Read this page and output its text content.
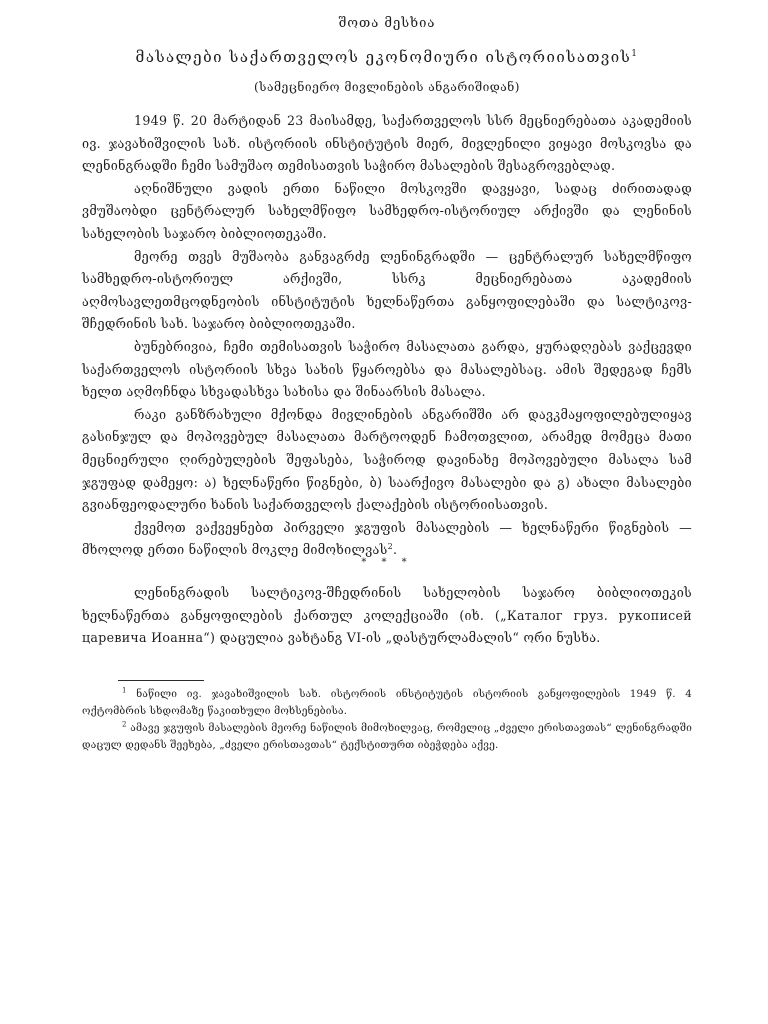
შოთა მესხია
მასალები საქართველოს ეკონომიური ისტორიისათვის$^1$
(სამეცნიერო მივლინების ანგარიშიდან)

1949 წ. 20 მარტიდან 23 მაისამდე, საქართველოს სსრ მეცნიერებათა აკადემიის ივ. ჯავახიშვილის სახ. ისტორიის ინსტიტუტის მიერ, მივლენილი ვიყავი მოსკოვსა და ლენინგრადში ჩემი სამუშაო თემისათვის საჭირო მასალების შესაგროვებლად.

აღნიშნული ვადის ერთი ნაწილი მოსკოვში დავყავი, სადაც ძირითადად ვმუშაობდი ცენტრალურ სახელმწიფო სამხედრო-ისტორიულ არქივში და ლენინის სახელობის საჯარო ბიბლიოთეკაში.

მეორე თვეს მუშაობა განვაგრძე ლენინგრადში — ცენტრალურ სახელმწიფო სამხედრო-ისტორიულ არქივში, სსრკ მეცნიერებათა აკადემიის აღმოსავლეთმცოდნეობის ინსტიტუტის ხელნაწერთა განყოფილებაში და სალტიკოვ-შჩედრინის სახ. საჯარო ბიბლიოთეკაში.

ბუნებრივია, ჩემი თემისათვის საჭირო მასალათა გარდა, ყურადღებას ვაქცევდი საქართველოს ისტორიის სხვა სახის წყაროებსა და მასალებსაც. ამის შედეგად ჩემს ხელთ აღმოჩნდა სხვადასხვა სახისა და შინაარსის მასალა.

რაკი განზრახული მქონდა მივლინების ანგარიშში არ დავკმაყოფილებულიყავ გასინჯულ და მოპოვებულ მასალათა მარტოოდენ ჩამოთვლით, არამედ მომეცა მათი მეცნიერული ღირებულების შეფასება, საჭიროდ დავინახე მოპოვებული მასალა სამ ჯგუფად დამეყო: ა) ხელნაწერი წიგნები, ბ) საარქივო მასალები და გ) ახალი მასალები გვიანფეოდალური ხანის საქართველოს ქალაქების ისტორიისათვის.

ქვემოთ ვაქვეყნებთ პირველი ჯგუფის მასალების — ხელნაწერი წიგნების — მხოლოდ ერთი ნაწილის მოკლე მიმოხილვას$^2$.

* * *

ლენინგრადის სალტიკოვ-შჩედრინის სახელობის საჯარო ბიბლიოთეკის ხელნაწერთა განყოფილების ქართულ კოლექციაში (იხ. („Каталог груз. рукописей царевича Иоанна“) დაცულია ვახტანგ VI-ის „დასტურლამალის“ ორი ნუსხა.

$^1$ ნაწილი ივ. ჯავახიშვილის სახ. ისტორიის ინსტიტუტის ისტორიის განყოფილების 1949 წ. 4 ოქტომბრის სხდომაზე წაკითხული მოხსენებისა.

$^2$ ამავე ჯგუფის მასალების მეორე ნაწილის მიმოხილვაც, რომელიც „ძველი ერისთავთას“ ლენინგრადში დაცულ დედანს შეეხება, „ძველი ერისთავთას“ ტექსტითურთ იბეჭდება აქვე.
